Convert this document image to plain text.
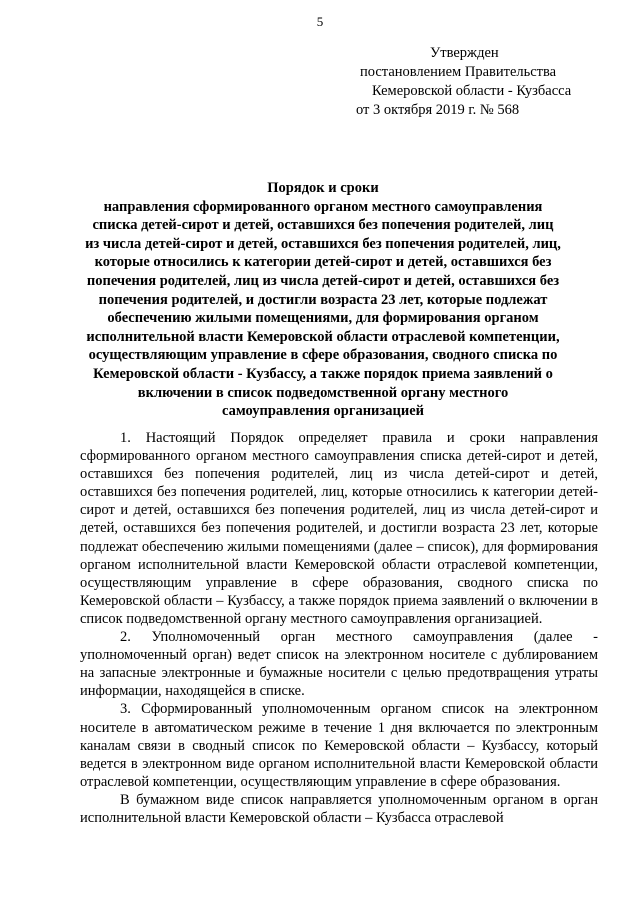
5
Утвержден
постановлением Правительства
Кемеровской области - Кузбасса
от 3 октября 2019 г. № 568
Порядок и сроки
направления сформированного органом местного самоуправления списка детей-сирот и детей, оставшихся без попечения родителей, лиц из числа детей-сирот и детей, оставшихся без попечения родителей, лиц, которые относились к категории детей-сирот и детей, оставшихся без попечения родителей, лиц из числа детей-сирот и детей, оставшихся без попечения родителей, и достигли возраста 23 лет, которые подлежат обеспечению жилыми помещениями, для формирования органом исполнительной власти Кемеровской области отраслевой компетенции, осуществляющим управление в сфере образования, сводного списка по Кемеровской области - Кузбассу, а также порядок приема заявлений о включении в список подведомственной органу местного самоуправления организацией

1. Настоящий Порядок определяет правила и сроки направления сформированного органом местного самоуправления списка детей-сирот и детей, оставшихся без попечения родителей, лиц из числа детей-сирот и детей, оставшихся без попечения родителей, лиц, которые относились к категории детей-сирот и детей, оставшихся без попечения родителей, лиц из числа детей-сирот и детей, оставшихся без попечения родителей, и достигли возраста 23 лет, которые подлежат обеспечению жилыми помещениями (далее – список), для формирования органом исполнительной власти Кемеровской области отраслевой компетенции, осуществляющим управление в сфере образования, сводного списка по Кемеровской области – Кузбассу, а также порядок приема заявлений о включении в список подведомственной органу местного самоуправления организацией.

2. Уполномоченный орган местного самоуправления (далее - уполномоченный орган) ведет список на электронном носителе с дублированием на запасные электронные и бумажные носители с целью предотвращения утраты информации, находящейся в списке.

3. Сформированный уполномоченным органом список на электронном носителе в автоматическом режиме в течение 1 дня включается по электронным каналам связи в сводный список по Кемеровской области – Кузбассу, который ведется в электронном виде органом исполнительной власти Кемеровской области отраслевой компетенции, осуществляющим управление в сфере образования.

В бумажном виде список направляется уполномоченным органом в орган исполнительной власти Кемеровской области – Кузбасса отраслевой
